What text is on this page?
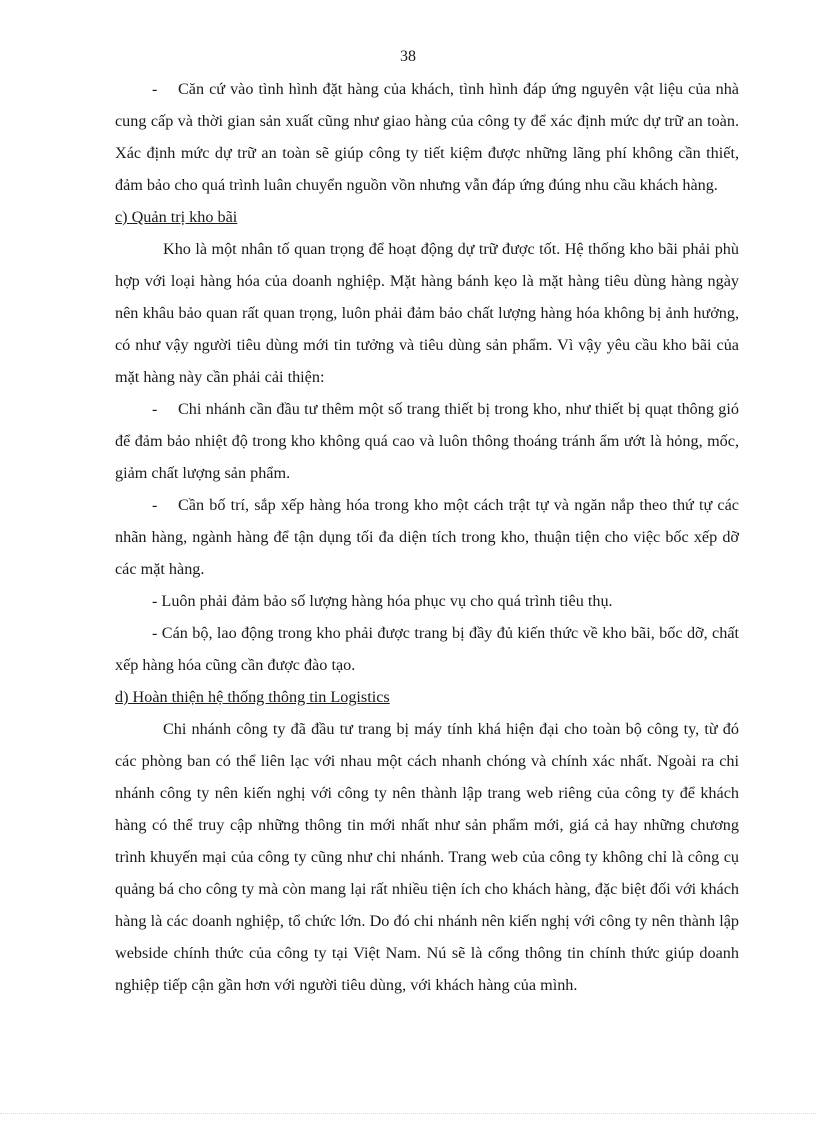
38

- Căn cứ vào tình hình đặt hàng của khách, tình hình đáp ứng nguyên vật liệu của nhà cung cấp và thời gian sản xuất cũng như giao hàng của công ty để xác định mức dự trữ an toàn. Xác định mức dự trữ an toàn sẽ giúp công ty tiết kiệm được những lãng phí không cần thiết, đảm bảo cho quá trình luân chuyển nguồn vồn nhưng vẫn đáp ứng đúng nhu cầu khách hàng.

c) Quản trị kho bãi

Kho là một nhân tố quan trọng để hoạt động dự trữ được tốt. Hệ thống kho bãi phải phù hợp với loại hàng hóa của doanh nghiệp. Mặt hàng bánh kẹo là mặt hàng tiêu dùng hàng ngày nên khâu bảo quan rất quan trọng, luôn phải đảm bảo chất lượng hàng hóa không bị ảnh hưởng, có như vậy người tiêu dùng mới tin tưởng và tiêu dùng sản phẩm. Vì vậy yêu cầu kho bãi của mặt hàng này cần phải cải thiện:

- Chi nhánh cần đầu tư thêm một số trang thiết bị trong kho, như thiết bị quạt thông gió để đảm bảo nhiệt độ trong kho không quá cao và luôn thông thoáng tránh ẩm ướt là hỏng, mốc, giảm chất lượng sản phẩm.

- Cần bố trí, sắp xếp hàng hóa trong kho một cách trật tự và ngăn nắp theo thứ tự các nhãn hàng, ngành hàng để tận dụng tối đa diện tích trong kho, thuận tiện cho việc bốc xếp dỡ các mặt hàng.

- Luôn phải đảm bảo số lượng hàng hóa phục vụ cho quá trình tiêu thụ.

- Cán bộ, lao động trong kho phải được trang bị đầy đủ kiến thức về kho bãi, bốc dỡ, chất xếp hàng hóa cũng cần được đào tạo.

d) Hoàn thiện hệ thống thông tin Logistics

Chi nhánh công ty đã đầu tư trang bị máy tính khá hiện đại cho toàn bộ công ty, từ đó các phòng ban có thể liên lạc với nhau một cách nhanh chóng và chính xác nhất. Ngoài ra chi nhánh công ty nên kiến nghị với công ty nên thành lập trang web riêng của công ty để khách hàng có thể truy cập những thông tin mới nhất như sản phẩm mới, giá cả hay những chương trình khuyến mại của công ty cũng như chi nhánh. Trang web của công ty không chỉ là công cụ quảng bá cho công ty mà còn mang lại rất nhiều tiện ích cho khách hàng, đặc biệt đối với khách hàng là các doanh nghiệp, tổ chức lớn. Do đó chi nhánh nên kiến nghị với công ty nên thành lập webside chính thức của công ty tại Việt Nam. Nú sẽ là cổng thông tin chính thức giúp doanh nghiệp tiếp cận gần hơn với người tiêu dùng, với khách hàng của mình.
